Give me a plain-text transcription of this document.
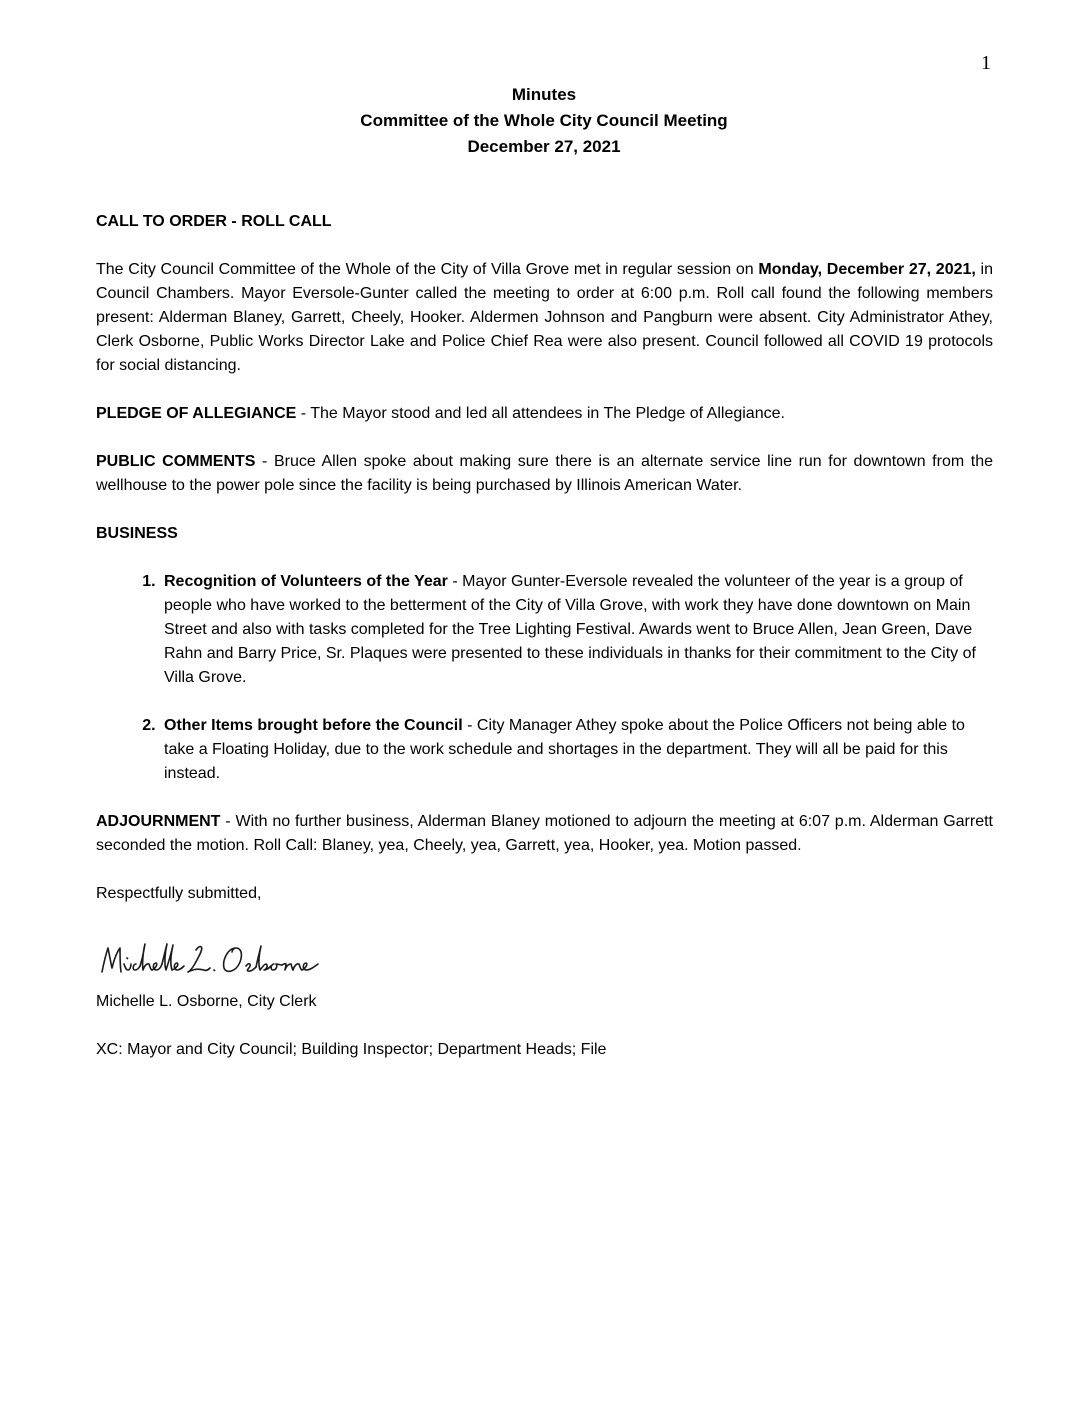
1
Minutes
Committee of the Whole City Council Meeting
December 27, 2021
CALL TO ORDER - ROLL CALL

The City Council Committee of the Whole of the City of Villa Grove met in regular session on Monday, December 27, 2021, in Council Chambers. Mayor Eversole-Gunter called the meeting to order at 6:00 p.m. Roll call found the following members present: Alderman Blaney, Garrett, Cheely, Hooker. Aldermen Johnson and Pangburn were absent. City Administrator Athey, Clerk Osborne, Public Works Director Lake and Police Chief Rea were also present. Council followed all COVID 19 protocols for social distancing.

PLEDGE OF ALLEGIANCE - The Mayor stood and led all attendees in The Pledge of Allegiance.

PUBLIC COMMENTS - Bruce Allen spoke about making sure there is an alternate service line run for downtown from the wellhouse to the power pole since the facility is being purchased by Illinois American Water.

BUSINESS
1. Recognition of Volunteers of the Year - Mayor Gunter-Eversole revealed the volunteer of the year is a group of people who have worked to the betterment of the City of Villa Grove, with work they have done downtown on Main Street and also with tasks completed for the Tree Lighting Festival. Awards went to Bruce Allen, Jean Green, Dave Rahn and Barry Price, Sr. Plaques were presented to these individuals in thanks for their commitment to the City of Villa Grove.
2. Other Items brought before the Council - City Manager Athey spoke about the Police Officers not being able to take a Floating Holiday, due to the work schedule and shortages in the department. They will all be paid for this instead.

ADJOURNMENT - With no further business, Alderman Blaney motioned to adjourn the meeting at 6:07 p.m. Alderman Garrett seconded the motion. Roll Call: Blaney, yea, Cheely, yea, Garrett, yea, Hooker, yea. Motion passed.

Respectfully submitted,

Michelle L. Osborne, City Clerk

XC: Mayor and City Council; Building Inspector; Department Heads; File
